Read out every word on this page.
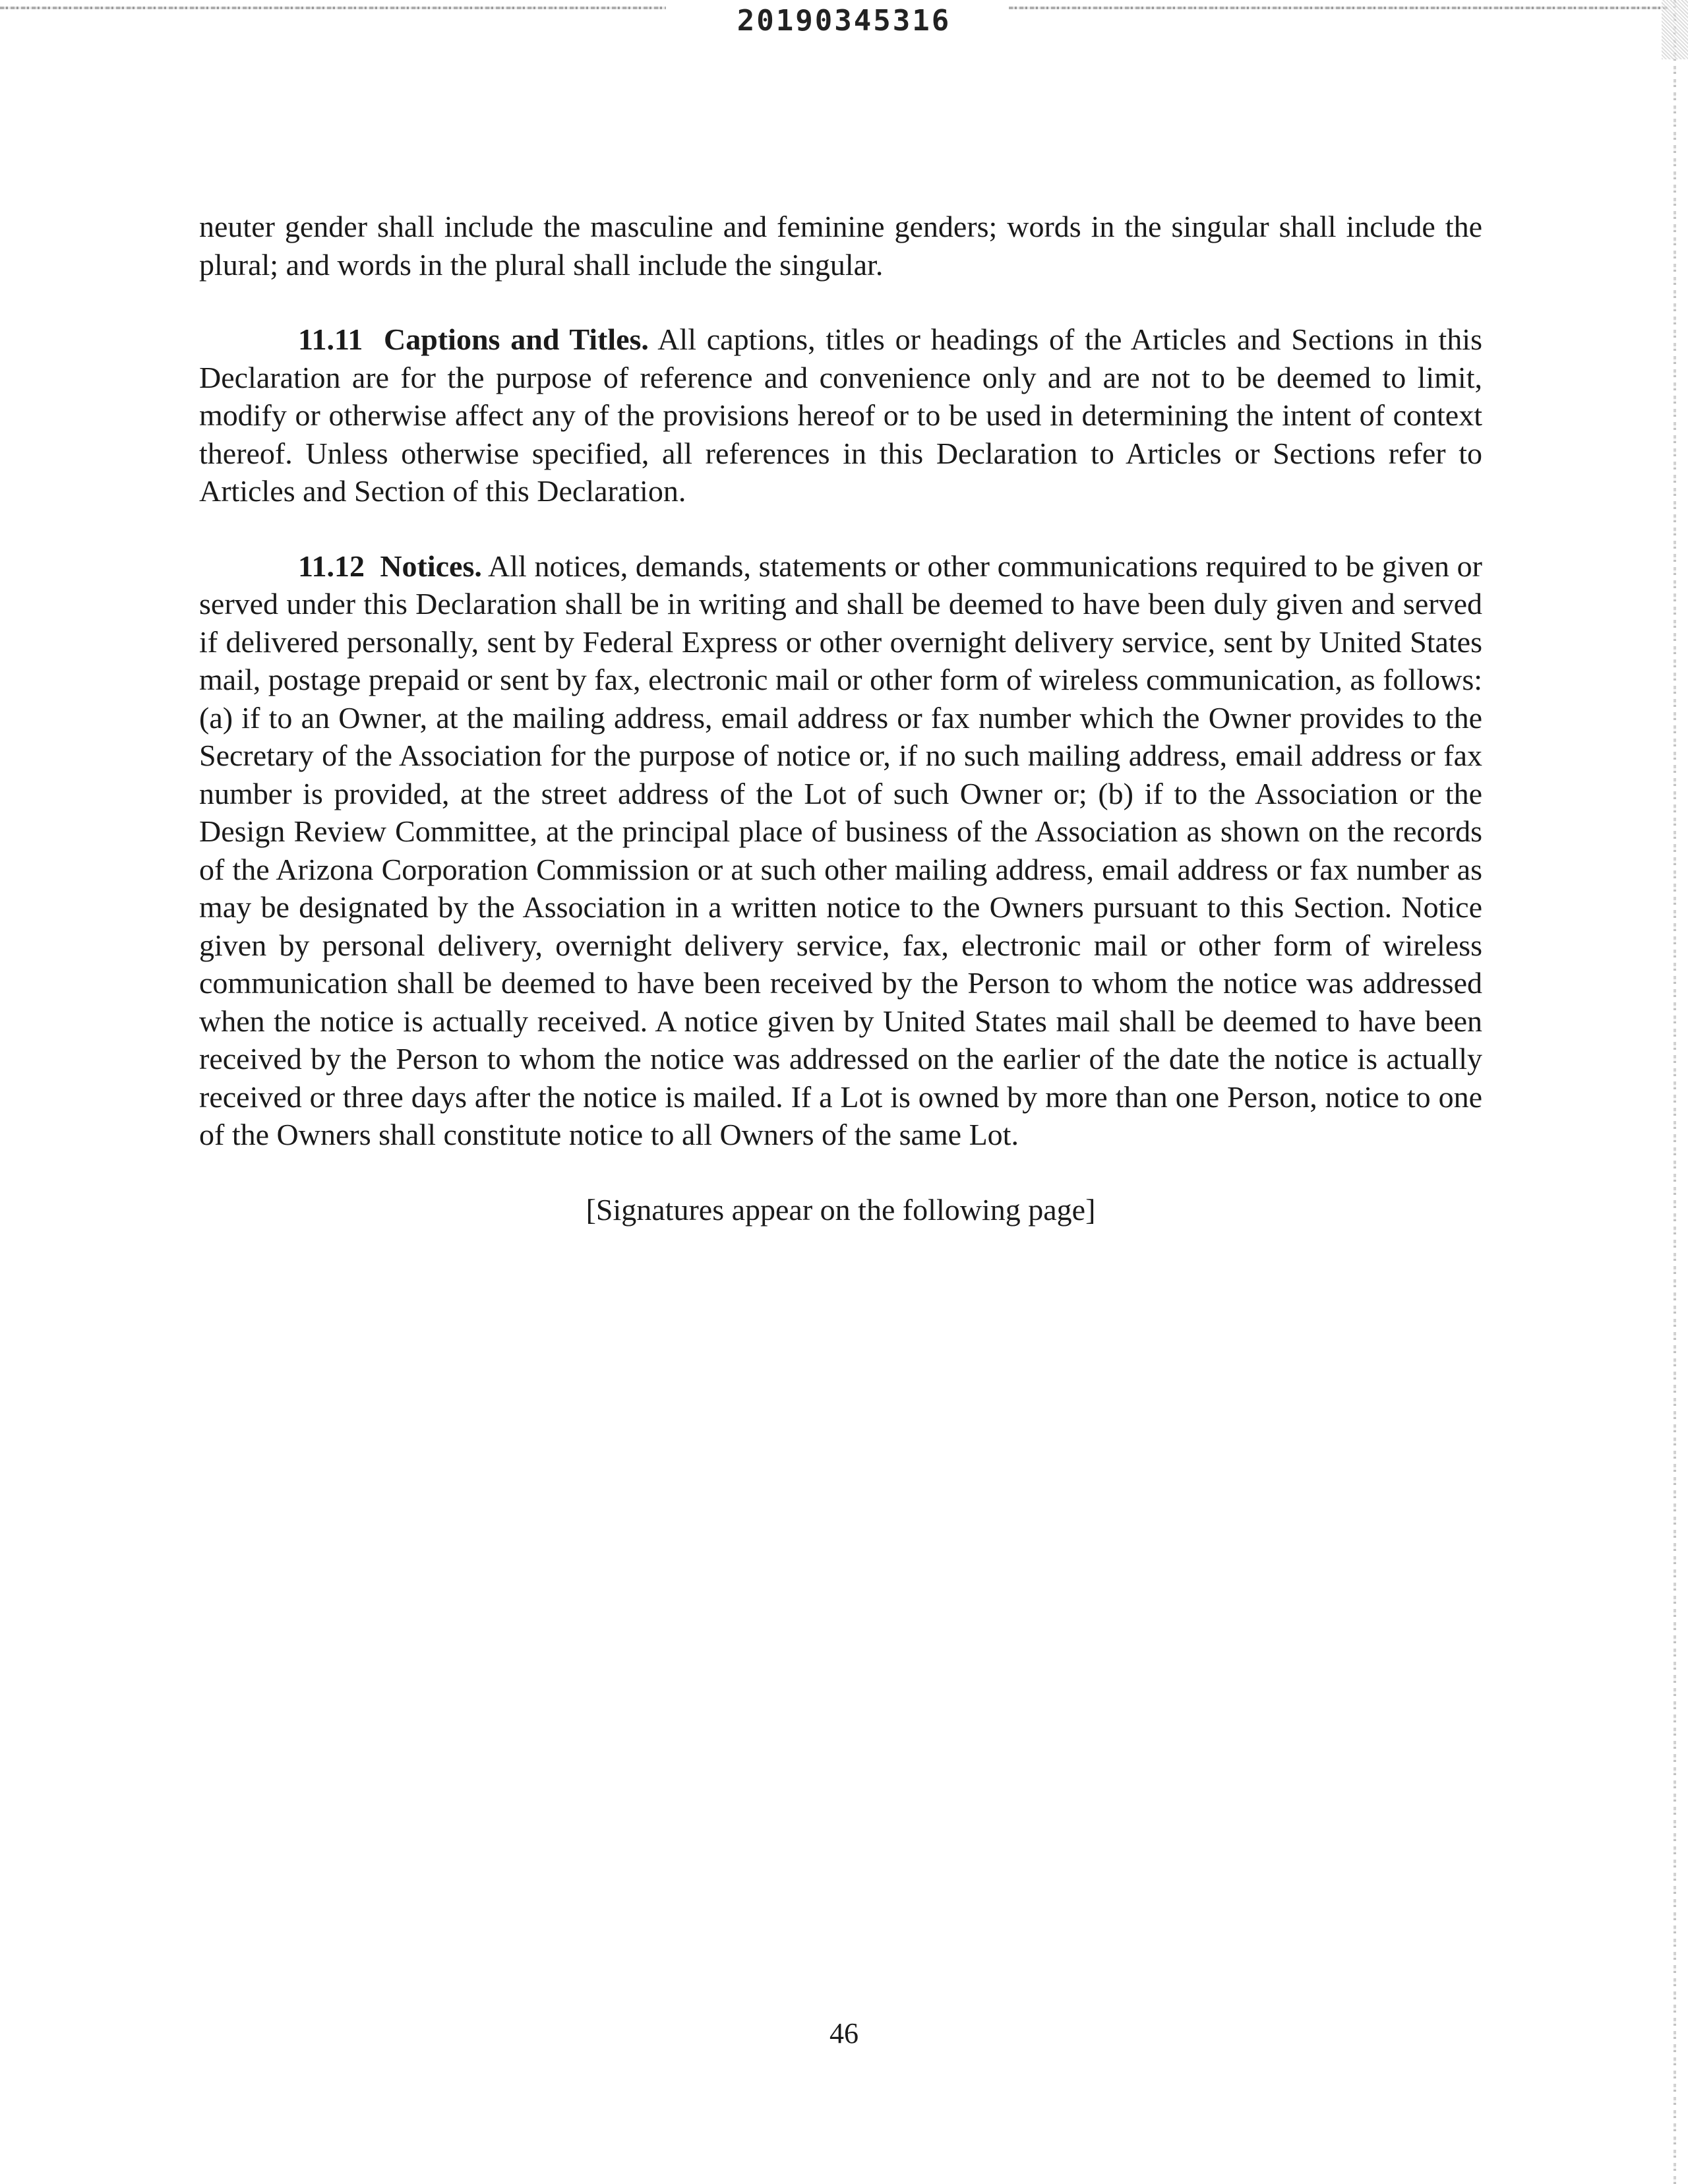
20190345316

neuter gender shall include the masculine and feminine genders; words in the singular shall include the plural; and words in the plural shall include the singular.

11.11 Captions and Titles. All captions, titles or headings of the Articles and Sections in this Declaration are for the purpose of reference and convenience only and are not to be deemed to limit, modify or otherwise affect any of the provisions hereof or to be used in determining the intent of context thereof. Unless otherwise specified, all references in this Declaration to Articles or Sections refer to Articles and Section of this Declaration.

11.12 Notices. All notices, demands, statements or other communications required to be given or served under this Declaration shall be in writing and shall be deemed to have been duly given and served if delivered personally, sent by Federal Express or other overnight delivery service, sent by United States mail, postage prepaid or sent by fax, electronic mail or other form of wireless communication, as follows: (a) if to an Owner, at the mailing address, email address or fax number which the Owner provides to the Secretary of the Association for the purpose of notice or, if no such mailing address, email address or fax number is provided, at the street address of the Lot of such Owner or; (b) if to the Association or the Design Review Committee, at the principal place of business of the Association as shown on the records of the Arizona Corporation Commission or at such other mailing address, email address or fax number as may be designated by the Association in a written notice to the Owners pursuant to this Section. Notice given by personal delivery, overnight delivery service, fax, electronic mail or other form of wireless communication shall be deemed to have been received by the Person to whom the notice was addressed when the notice is actually received. A notice given by United States mail shall be deemed to have been received by the Person to whom the notice was addressed on the earlier of the date the notice is actually received or three days after the notice is mailed. If a Lot is owned by more than one Person, notice to one of the Owners shall constitute notice to all Owners of the same Lot.

[Signatures appear on the following page]

46
